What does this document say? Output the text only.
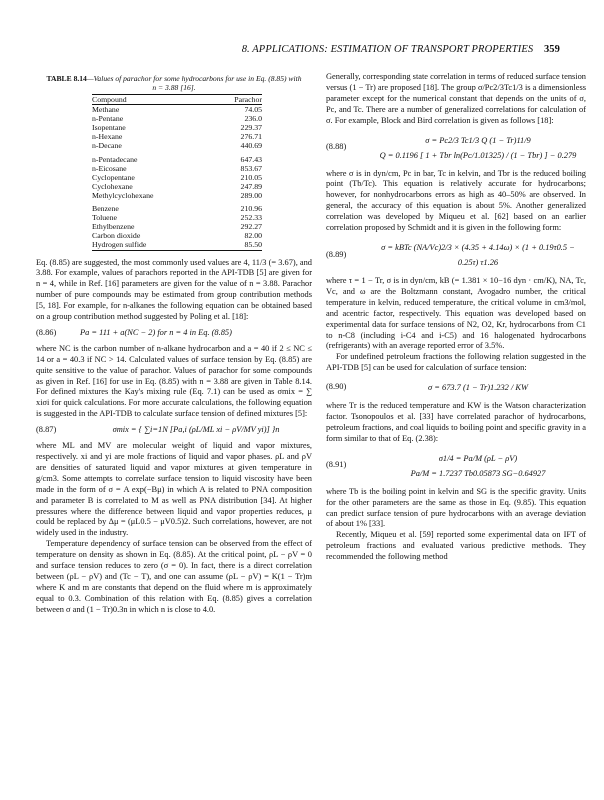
8. APPLICATIONS: ESTIMATION OF TRANSPORT PROPERTIES 359
TABLE 8.14—Values of parachor for some hydrocarbons for use in Eq. (8.85) with n = 3.88 [16].
Compound	Parachor
Methane	74.05
n-Pentane	236.0
Isopentane	229.37
n-Hexane	276.71
n-Decane	440.69
n-Pentadecane	647.43
n-Eicosane	853.67
Cyclopentane	210.05
Cyclohexane	247.89
Methylcyclohexane	289.00
Benzene	210.96
Toluene	252.33
Ethylbenzene	292.27
Carbon dioxide	82.00
Hydrogen sulfide	85.50

Eq. (8.85) are suggested, the most commonly used values are 4, 11/3 (= 3.67), and 3.88. For example, values of parachors reported in the API-TDB [5] are given for n = 4, while in Ref. [16] parameters are given for the value of n = 3.88. Parachor number of pure compounds may be estimated from group contribution methods [5, 18]. For example, for n-alkanes the following equation can be obtained based on a group contribution method suggested by Poling et al. [18]:

(8.86)	Pa = 111 + a(NC − 2) for n = 4 in Eq. (8.85)

where NC is the carbon number of n-alkane hydrocarbon and a = 40 if 2 ≤ NC ≤ 14 or a = 40.3 if NC > 14. Calculated values of surface tension by Eq. (8.85) are quite sensitive to the value of parachor. Values of parachor for some compounds as given in Ref. [16] for use in Eq. (8.85) with n = 3.88 are given in Table 8.14. For defined mixtures the Kay's mixing rule (Eq. 7.1) can be used as σmix = ∑ xiσi for quick calculations. For more accurate calculations, the following equation is suggested in the API-TDB to calculate surface tension of defined mixtures [5]:

(8.87)	σmix = { ∑i=1N [Pa,i (ρL/ML xi − ρV/MV yi)] }n

where ML and MV are molecular weight of liquid and vapor mixtures, respectively. xi and yi are mole fractions of liquid and vapor phases. ρL and ρV are densities of saturated liquid and vapor mixtures at given temperature in g/cm3. Some attempts to correlate surface tension to liquid viscosity have been made in the form of σ = A exp(−Bμ) in which A is related to PNA composition and parameter B is correlated to M as well as PNA distribution [34]. At higher pressures where the difference between liquid and vapor properties reduces, μ could be replaced by Δμ = (μL0.5 − μV0.5)2. Such correlations, however, are not widely used in the industry.

Temperature dependency of surface tension can be observed from the effect of temperature on density as shown in Eq. (8.85). At the critical point, ρL − ρV = 0 and surface tension reduces to zero (σ = 0). In fact, there is a direct correlation between (ρL − ρV) and (Tc − T), and one can assume (ρL − ρV) = K(1 − Tr)m where K and m are constants that depend on the fluid where m is approximately equal to 0.3. Combination of this relation with Eq. (8.85) gives a correlation between σ and (1 − Tr)0.3n in which n is close to 4.0.

Generally, corresponding state correlation in terms of reduced surface tension versus (1 − Tr) are proposed [18]. The group σ/Pc2/3Tc1/3 is a dimensionless parameter except for the numerical constant that depends on the units of σ, Pc, and Tc. There are a number of generalized correlations for calculation of σ. For example, Block and Bird correlation is given as follows [18]:

(8.88)
σ = Pc2/3 Tc1/3 Q (1 − Tr)11/9
Q = 0.1196 [ 1 + Tbr ln(Pc/1.01325) / (1 − Tbr) ] − 0.279

where σ is in dyn/cm, Pc in bar, Tc in kelvin, and Tbr is the reduced boiling point (Tb/Tc). This equation is relatively accurate for hydrocarbons; however, for nonhydrocarbons errors as high as 40–50% are observed. In general, the accuracy of this equation is about 5%. Another generalized correlation was developed by Miqueu et al. [62] based on an earlier correlation proposed by Schmidt and it is given in the following form:

(8.89)
σ = kBTc (NA/Vc)2/3 × (4.35 + 4.14ω) × (1 + 0.19τ0.5 − 0.25τ) τ1.26

where τ = 1 − Tr, σ is in dyn/cm, kB (= 1.381 × 10−16 dyn · cm/K), NA, Tc, Vc, and ω are the Boltzmann constant, Avogadro number, the critical temperature in kelvin, reduced temperature, the critical volume in cm3/mol, and acentric factor, respectively. This equation was developed based on experimental data for surface tensions of N2, O2, Kr, hydrocarbons from C1 to n-C8 (including i-C4 and i-C5) and 16 halogenated hydrocarbons (refrigerants) with an average reported error of 3.5%.

For undefined petroleum fractions the following relation suggested in the API-TDB [5] can be used for calculation of surface tension:

(8.90)	σ = 673.7 (1 − Tr)1.232 / KW

where Tr is the reduced temperature and KW is the Watson characterization factor. Tsonopoulos et al. [33] have correlated parachor of hydrocarbons, petroleum fractions, and coal liquids to boiling point and specific gravity in a form similar to that of Eq. (2.38):

(8.91)
σ1/4 = Pa/M (ρL − ρV)
Pa/M = 1.7237 Tb0.05873 SG−0.64927

where Tb is the boiling point in kelvin and SG is the specific gravity. Units for the other parameters are the same as those in Eq. (9.85). This equation can predict surface tension of pure hydrocarbons with an average deviation of about 1% [33].

Recently, Miqueu et al. [59] reported some experimental data on IFT of petroleum fractions and evaluated various predictive methods. They recommended the following method
